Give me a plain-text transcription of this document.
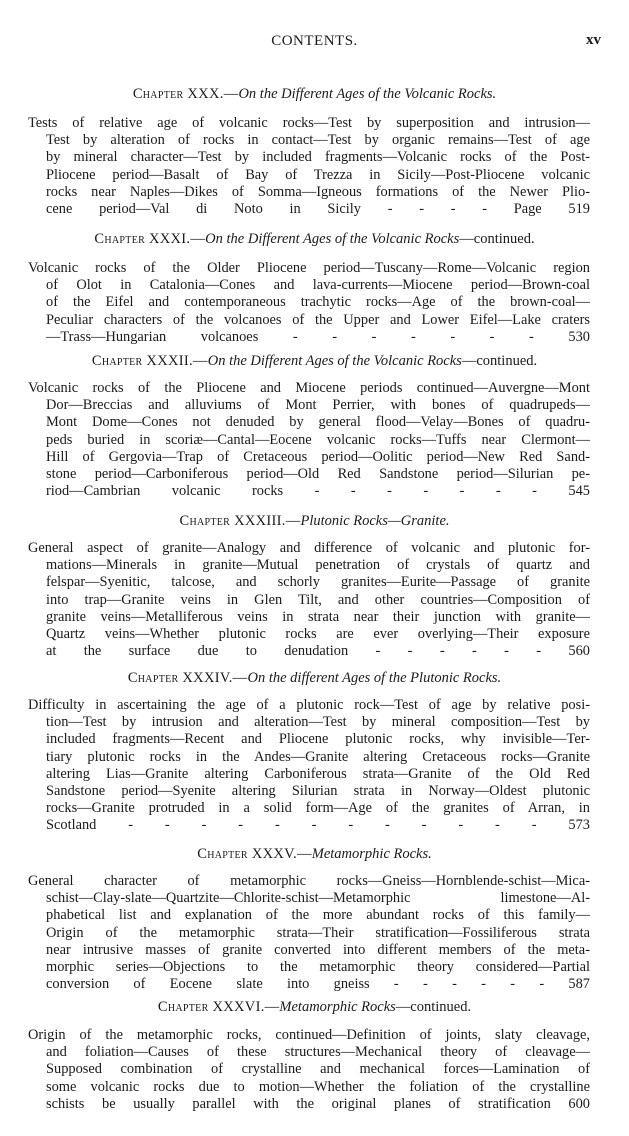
CONTENTS.	xv
Chapter XXX.—On the Different Ages of the Volcanic Rocks.
Tests of relative age of volcanic rocks—Test by superposition and intrusion—
Test by alteration of rocks in contact—Test by organic remains—Test of age
by mineral character—Test by included fragments—Volcanic rocks of the Post-
Pliocene period—Basalt of Bay of Trezza in Sicily—Post-Pliocene volcanic
rocks near Naples—Dikes of Somma—Igneous formations of the Newer Plio-
cene period—Val di Noto in Sicily - - - - Page 519
Chapter XXXI.—On the Different Ages of the Volcanic Rocks—continued.
Volcanic rocks of the Older Pliocene period—Tuscany—Rome—Volcanic region
of Olot in Catalonia—Cones and lava-currents—Miocene period—Brown-coal
of the Eifel and contemporaneous trachytic rocks—Age of the brown-coal—
Peculiar characters of the volcanoes of the Upper and Lower Eifel—Lake craters
—Trass—Hungarian volcanoes - - - - - - - 530
Chapter XXXII.—On the Different Ages of the Volcanic Rocks—continued.
Volcanic rocks of the Pliocene and Miocene periods continued—Auvergne—Mont
Dor—Breccias and alluviums of Mont Perrier, with bones of quadrupeds—
Mont Dome—Cones not denuded by general flood—Velay—Bones of quadru-
peds buried in scoriæ—Cantal—Eocene volcanic rocks—Tuffs near Clermont—
Hill of Gergovia—Trap of Cretaceous period—Oolitic period—New Red Sand-
stone period—Carboniferous period—Old Red Sandstone period—Silurian pe-
riod—Cambrian volcanic rocks - - - - - - - 545
Chapter XXXIII.—Plutonic Rocks—Granite.
General aspect of granite—Analogy and difference of volcanic and plutonic for-
mations—Minerals in granite—Mutual penetration of crystals of quartz and
felspar—Syenitic, talcose, and schorly granites—Eurite—Passage of granite
into trap—Granite veins in Glen Tilt, and other countries—Composition of
granite veins—Metalliferous veins in strata near their junction with granite—
Quartz veins—Whether plutonic rocks are ever overlying—Their exposure
at the surface due to denudation - - - - - - 560
Chapter XXXIV.—On the different Ages of the Plutonic Rocks.
Difficulty in ascertaining the age of a plutonic rock—Test of age by relative posi-
tion—Test by intrusion and alteration—Test by mineral composition—Test by
included fragments—Recent and Pliocene plutonic rocks, why invisible—Ter-
tiary plutonic rocks in the Andes—Granite altering Cretaceous rocks—Granite
altering Lias—Granite altering Carboniferous strata—Granite of the Old Red
Sandstone period—Syenite altering Silurian strata in Norway—Oldest plutonic
rocks—Granite protruded in a solid form—Age of the granites of Arran, in
Scotland - - - - - - - - - - - - 573
Chapter XXXV.—Metamorphic Rocks.
General character of metamorphic rocks—Gneiss—Hornblende-schist—Mica-
schist—Clay-slate—Quartzite—Chlorite-schist—Metamorphic limestone—Al-
phabetical list and explanation of the more abundant rocks of this family—
Origin of the metamorphic strata—Their stratification—Fossiliferous strata
near intrusive masses of granite converted into different members of the meta-
morphic series—Objections to the metamorphic theory considered—Partial
conversion of Eocene slate into gneiss - - - - - - 587
Chapter XXXVI.—Metamorphic Rocks—continued.
Origin of the metamorphic rocks, continued—Definition of joints, slaty cleavage,
and foliation—Causes of these structures—Mechanical theory of cleavage—
Supposed combination of crystalline and mechanical forces—Lamination of
some volcanic rocks due to motion—Whether the foliation of the crystalline
schists be usually parallel with the original planes of stratification 600
